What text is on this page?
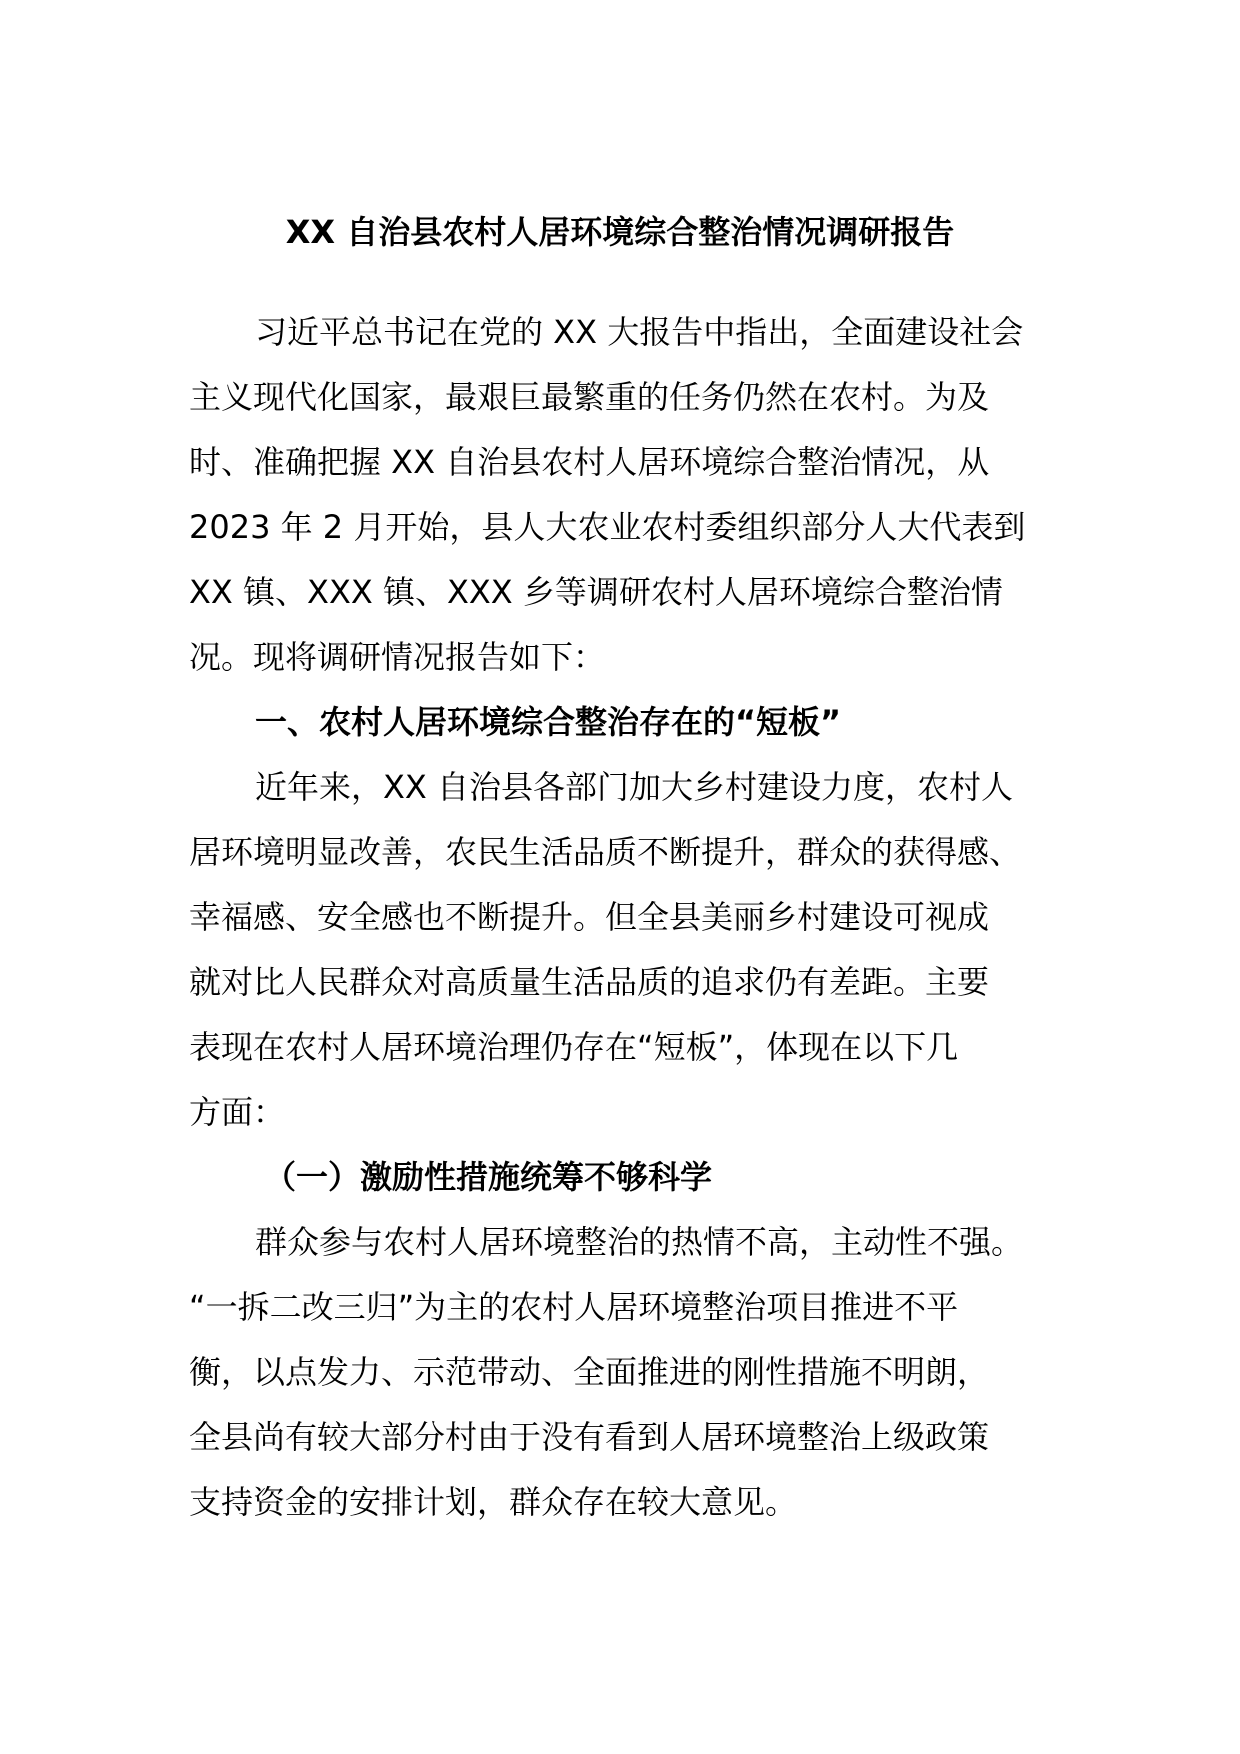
XX 自治县农村人居环境综合整治情况调研报告
习近平总书记在党的 XX 大报告中指出，全面建设社会
主义现代化国家，最艰巨最繁重的任务仍然在农村。为及
时、准确把握 XX 自治县农村人居环境综合整治情况，从
2023 年 2 月开始，县人大农业农村委组织部分人大代表到
XX 镇、XXX 镇、XXX 乡等调研农村人居环境综合整治情
况。现将调研情况报告如下：
一、农村人居环境综合整治存在的“短板”
近年来，XX 自治县各部门加大乡村建设力度，农村人
居环境明显改善，农民生活品质不断提升，群众的获得感、
幸福感、安全感也不断提升。但全县美丽乡村建设可视成
就对比人民群众对高质量生活品质的追求仍有差距。主要
表现在农村人居环境治理仍存在“短板”，体现在以下几
方面：
（一）激励性措施统筹不够科学
群众参与农村人居环境整治的热情不高，主动性不强。
“一拆二改三归”为主的农村人居环境整治项目推进不平
衡，以点发力、示范带动、全面推进的刚性措施不明朗，
全县尚有较大部分村由于没有看到人居环境整治上级政策
支持资金的安排计划，群众存在较大意见。
